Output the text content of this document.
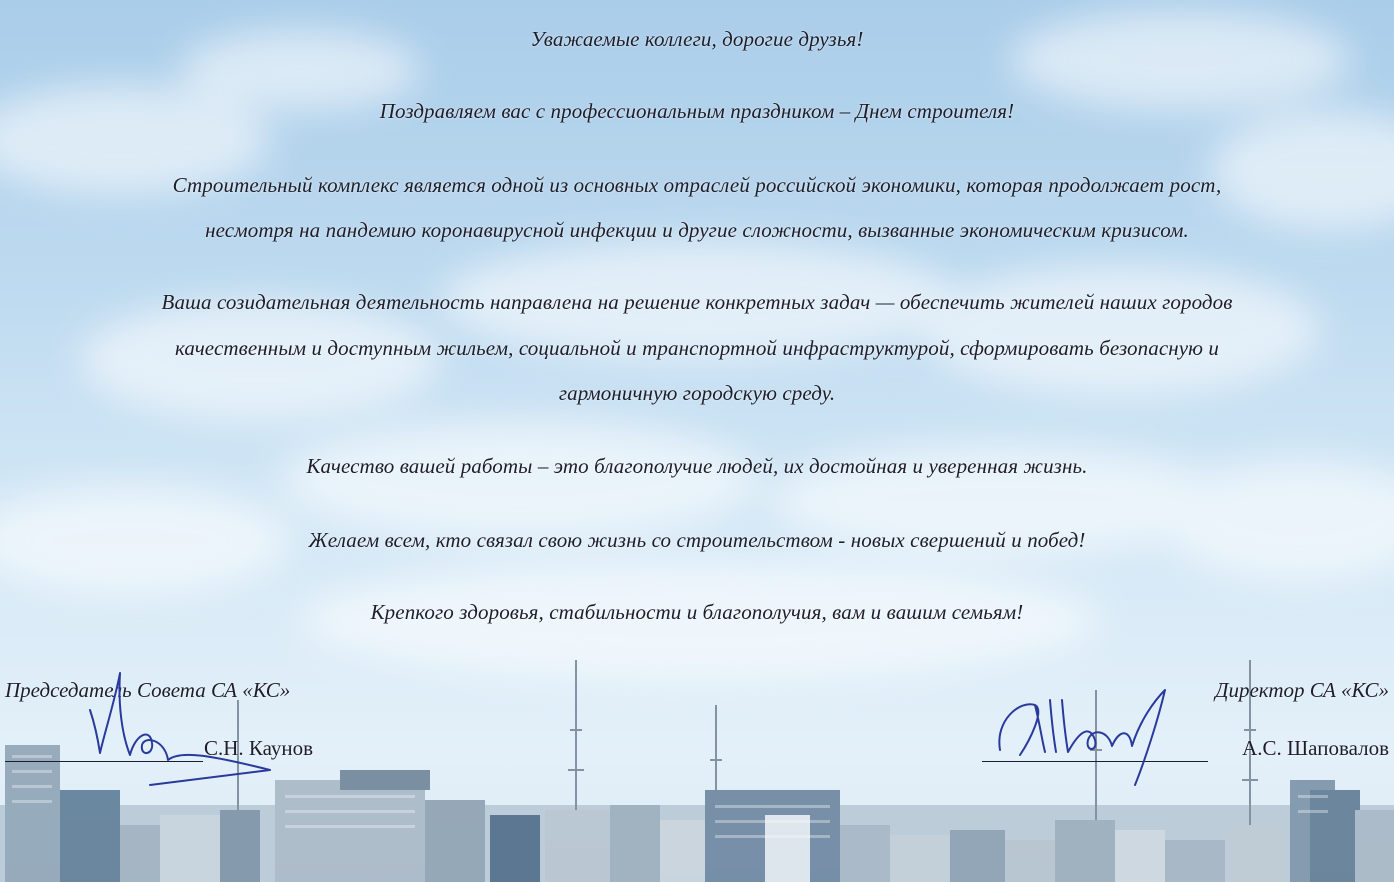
Уважаемые коллеги, дорогие друзья!
Поздравляем вас с профессиональным праздником – Днем строителя!
Строительный комплекс является одной из основных отраслей российской экономики, которая продолжает рост,
несмотря на пандемию коронавирусной инфекции и другие сложности, вызванные экономическим кризисом.
Ваша созидательная деятельность направлена на решение конкретных задач — обеспечить жителей наших городов
качественным и доступным жильем, социальной и транспортной инфраструктурой, сформировать безопасную и
гармоничную городскую среду.
Качество вашей работы – это благополучие людей, их достойная и уверенная жизнь.
Желаем всем, кто связал свою жизнь со строительством - новых свершений и побед!
Крепкого здоровья, стабильности и благополучия, вам и вашим семьям!
Председатель Совета СА «КС»
С.Н. Каунов
Директор СА «КС»
А.С. Шаповалов
